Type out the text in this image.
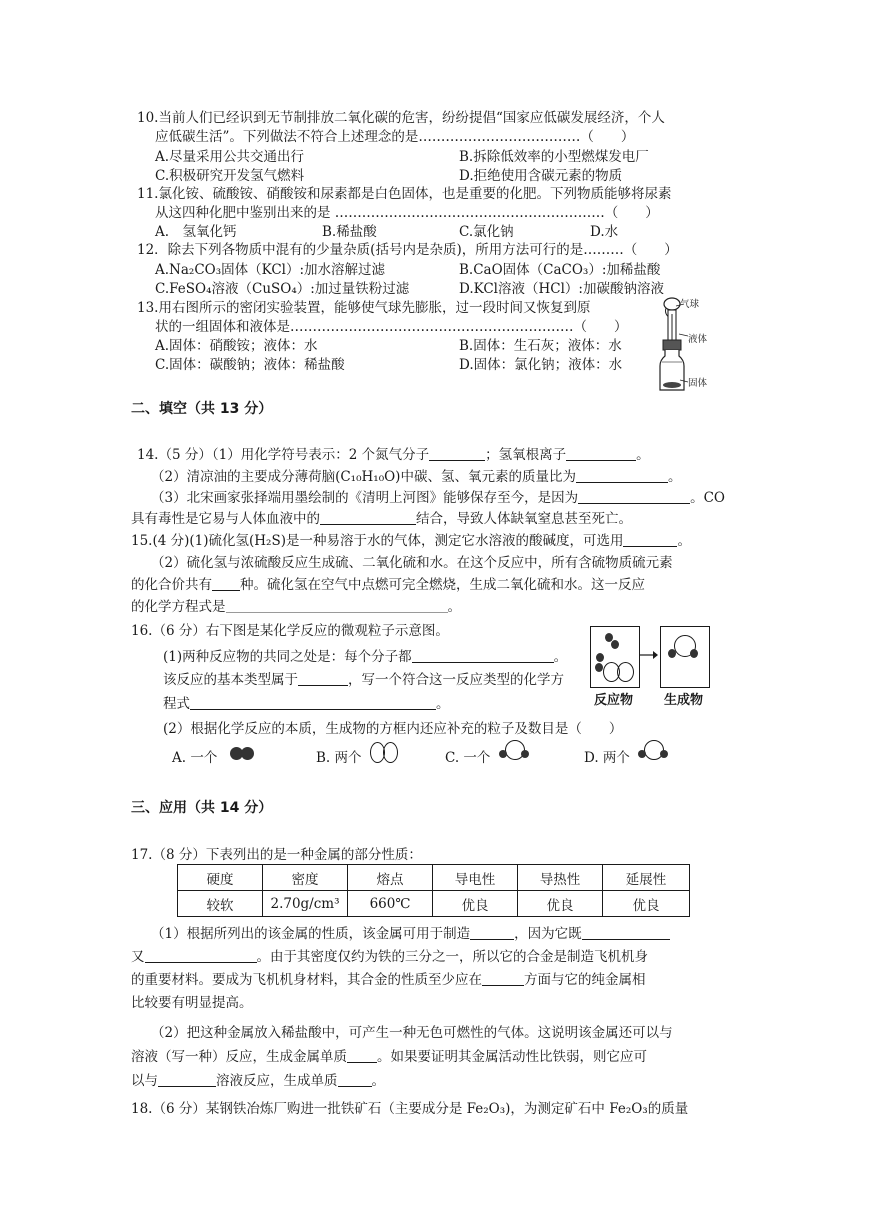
10.当前人们已经识到无节制排放二氧化碳的危害，纷纷提倡“国家应低碳发展经济，个人
应低碳生活”。下列做法不符合上述理念的是………………………………（　　）
A.尽量采用公共交通出行	B.拆除低效率的小型燃煤发电厂
C.积极研究开发氢气燃料	D.拒绝使用含碳元素的物质
11.氯化铵、硫酸铵、硝酸铵和尿素都是白色固体，也是重要的化肥。下列物质能够将尿素
从这四种化肥中鉴别出来的是 ……………………………………………………（　　）
A.　氢氧化钙	B.稀盐酸	C.氯化钠	D.水
12．除去下列各物质中混有的少量杂质(括号内是杂质)，所用方法可行的是………（　　）
A.Na₂CO₃固体（KCl）:加水溶解过滤	B.CaO固体（CaCO₃）:加稀盐酸
C.FeSO₄溶液（CuSO₄）:加过量铁粉过滤	D.KCl溶液（HCl）:加碳酸钠溶液
13.用右图所示的密闭实验装置，能够使气球先膨胀，过一段时间又恢复到原
状的一组固体和液体是………………………………………………………（　　）
A.固体：硝酸铵；液体：水	B.固体：生石灰；液体：水
C.固体：碳酸钠；液体：稀盐酸	D.固体：氯化钠；液体：水
气球
液体
固体
二、填空（共 13 分）
14.（5 分）（1）用化学符号表示：2 个氮气分子	；氢氧根离子	。
（2）清凉油的主要成分薄荷脑(C₁₀H₁₀O)中碳、氢、氧元素的质量比为	。
（3）北宋画家张择端用墨绘制的《清明上河图》能够保存至今，是因为	。CO
具有毒性是它易与人体血液中的	结合，导致人体缺氧窒息甚至死亡。
15.(4 分)(1)硫化氢(H₂S)是一种易溶于水的气体，测定它水溶液的酸碱度，可选用	。
（2）硫化氢与浓硫酸反应生成硫、二氧化硫和水。在这个反应中，所有含硫物质硫元素
的化合价共有 种。硫化氢在空气中点燃可完全燃烧，生成二氧化硫和水。这一反应
的化学方程式是	。
16.（6 分）右下图是某化学反应的微观粒子示意图。
(1)两种反应物的共同之处是：每个分子都	。
该反应的基本类型属于	，写一个符合这一反应类型的化学方
程式	。
(2）根据化学反应的本质，生成物的方框内还应补充的粒子及数目是（　　）
A. 一个	B. 两个	C. 一个	D. 两个
反应物 生成物
三、应用（共 14 分）
17.（8 分）下表列出的是一种金属的部分性质：
硬度	密度	熔点	导电性	导热性	延展性
较软	2.70g/cm³	660℃	优良	优良	优良
（1）根据所列出的该金属的性质，该金属可用于制造	，因为它既
又	。由于其密度仅约为铁的三分之一，所以它的合金是制造飞机机身
的重要材料。要成为飞机机身材料，其合金的性质至少应在	方面与它的纯金属相
比较要有明显提高。
（2）把这种金属放入稀盐酸中，可产生一种无色可燃性的气体。这说明该金属还可以与
溶液（写一种）反应，生成金属单质 。如果要证明其金属活动性比铁弱，则它应可
以与	溶液反应，生成单质	。
18.（6 分）某钢铁冶炼厂购进一批铁矿石（主要成分是 Fe₂O₃)，为测定矿石中 Fe₂O₃的质量
